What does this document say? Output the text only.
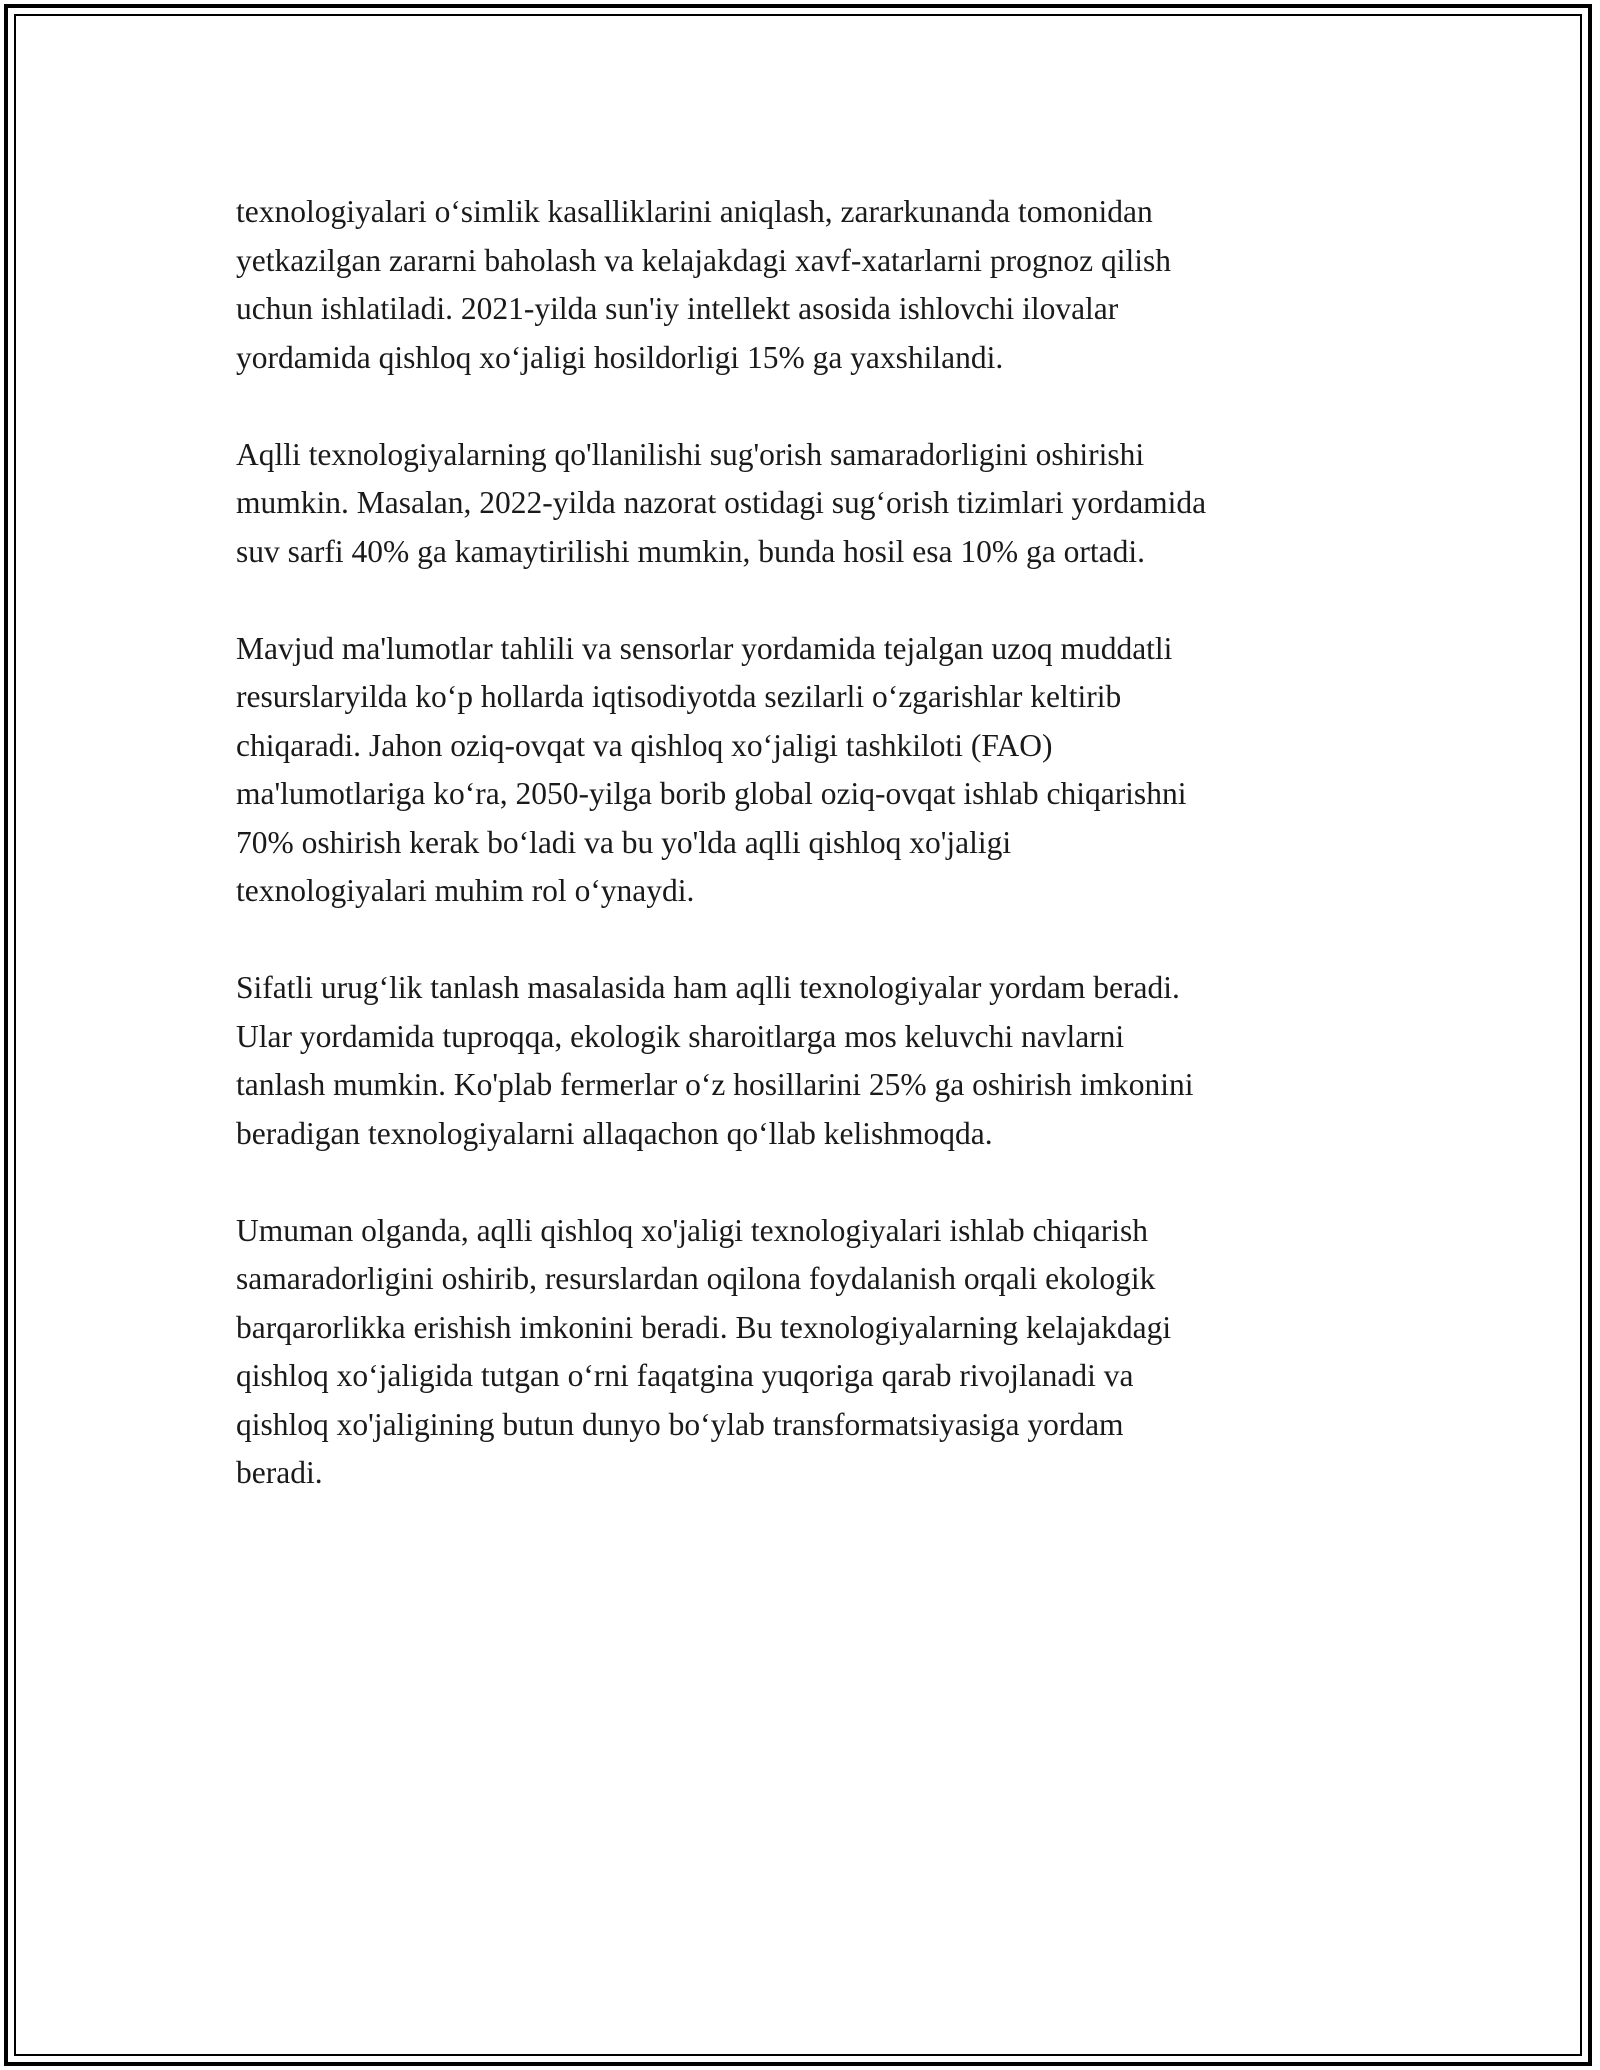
texnologiyalari o‘simlik kasalliklarini aniqlash, zararkunanda tomonidan
yetkazilgan zararni baholash va kelajakdagi xavf-xatarlarni prognoz qilish
uchun ishlatiladi. 2021-yilda sun'iy intellekt asosida ishlovchi ilovalar
yordamida qishloq xo‘jaligi hosildorligi 15% ga yaxshilandi.

Aqlli texnologiyalarning qo'llanilishi sug'orish samaradorligini oshirishi
mumkin. Masalan, 2022-yilda nazorat ostidagi sug‘orish tizimlari yordamida
suv sarfi 40% ga kamaytirilishi mumkin, bunda hosil esa 10% ga ortadi.

Mavjud ma'lumotlar tahlili va sensorlar yordamida tejalgan uzoq muddatli
resurslaryilda ko‘p hollarda iqtisodiyotda sezilarli o‘zgarishlar keltirib
chiqaradi. Jahon oziq-ovqat va qishloq xo‘jaligi tashkiloti (FAO)
ma'lumotlariga ko‘ra, 2050-yilga borib global oziq-ovqat ishlab chiqarishni
70% oshirish kerak bo‘ladi va bu yo'lda aqlli qishloq xo'jaligi
texnologiyalari muhim rol o‘ynaydi.

Sifatli urug‘lik tanlash masalasida ham aqlli texnologiyalar yordam beradi.
Ular yordamida tuproqqa, ekologik sharoitlarga mos keluvchi navlarni
tanlash mumkin. Ko'plab fermerlar o‘z hosillarini 25% ga oshirish imkonini
beradigan texnologiyalarni allaqachon qo‘llab kelishmoqda.

Umuman olganda, aqlli qishloq xo'jaligi texnologiyalari ishlab chiqarish
samaradorligini oshirib, resurslardan oqilona foydalanish orqali ekologik
barqarorlikka erishish imkonini beradi. Bu texnologiyalarning kelajakdagi
qishloq xo‘jaligida tutgan o‘rni faqatgina yuqoriga qarab rivojlanadi va
qishloq xo'jaligining butun dunyo bo‘ylab transformatsiyasiga yordam
beradi.
